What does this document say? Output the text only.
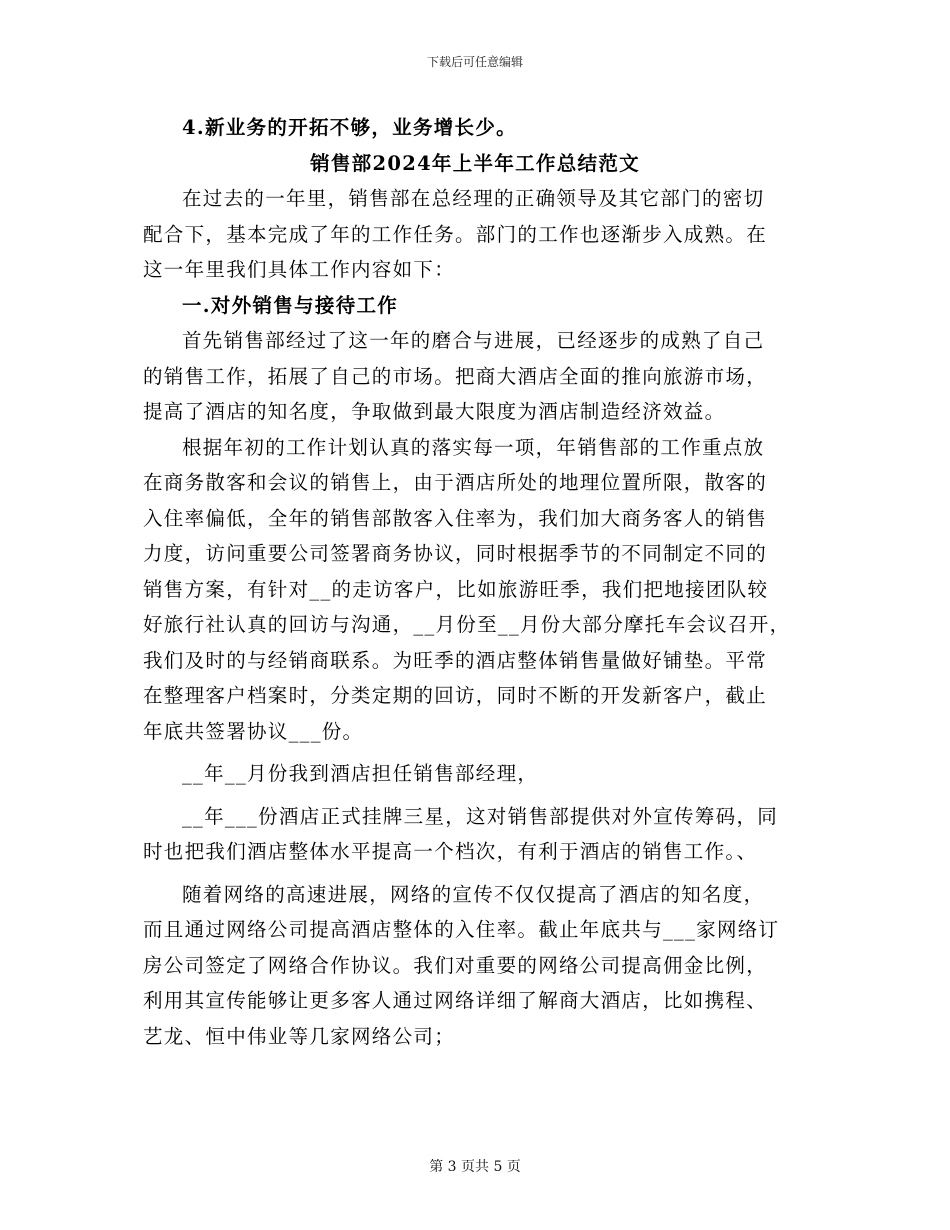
下载后可任意编辑
4.新业务的开拓不够，业务增长少。
销售部2024年上半年工作总结范文
在过去的一年里，销售部在总经理的正确领导及其它部门的密切
配合下，基本完成了年的工作任务。部门的工作也逐渐步入成熟。在
这一年里我们具体工作内容如下：
一.对外销售与接待工作
首先销售部经过了这一年的磨合与进展，已经逐步的成熟了自己
的销售工作，拓展了自己的市场。把商大酒店全面的推向旅游市场，
提高了酒店的知名度，争取做到最大限度为酒店制造经济效益。
根据年初的工作计划认真的落实每一项，年销售部的工作重点放
在商务散客和会议的销售上，由于酒店所处的地理位置所限，散客的
入住率偏低，全年的销售部散客入住率为，我们加大商务客人的销售
力度，访问重要公司签署商务协议，同时根据季节的不同制定不同的
销售方案，有针对__的走访客户，比如旅游旺季，我们把地接团队较
好旅行社认真的回访与沟通，__月份至__月份大部分摩托车会议召开，
我们及时的与经销商联系。为旺季的酒店整体销售量做好铺垫。平常
在整理客户档案时，分类定期的回访，同时不断的开发新客户，截止
年底共签署协议___份。
__年__月份我到酒店担任销售部经理，
__年___份酒店正式挂牌三星，这对销售部提供对外宣传筹码，同
时也把我们酒店整体水平提高一个档次，有利于酒店的销售工作。、
随着网络的高速进展，网络的宣传不仅仅提高了酒店的知名度，
而且通过网络公司提高酒店整体的入住率。截止年底共与___家网络订
房公司签定了网络合作协议。我们对重要的网络公司提高佣金比例，
利用其宣传能够让更多客人通过网络详细了解商大酒店，比如携程、
艺龙、恒中伟业等几家网络公司；
第 3 页共 5 页
